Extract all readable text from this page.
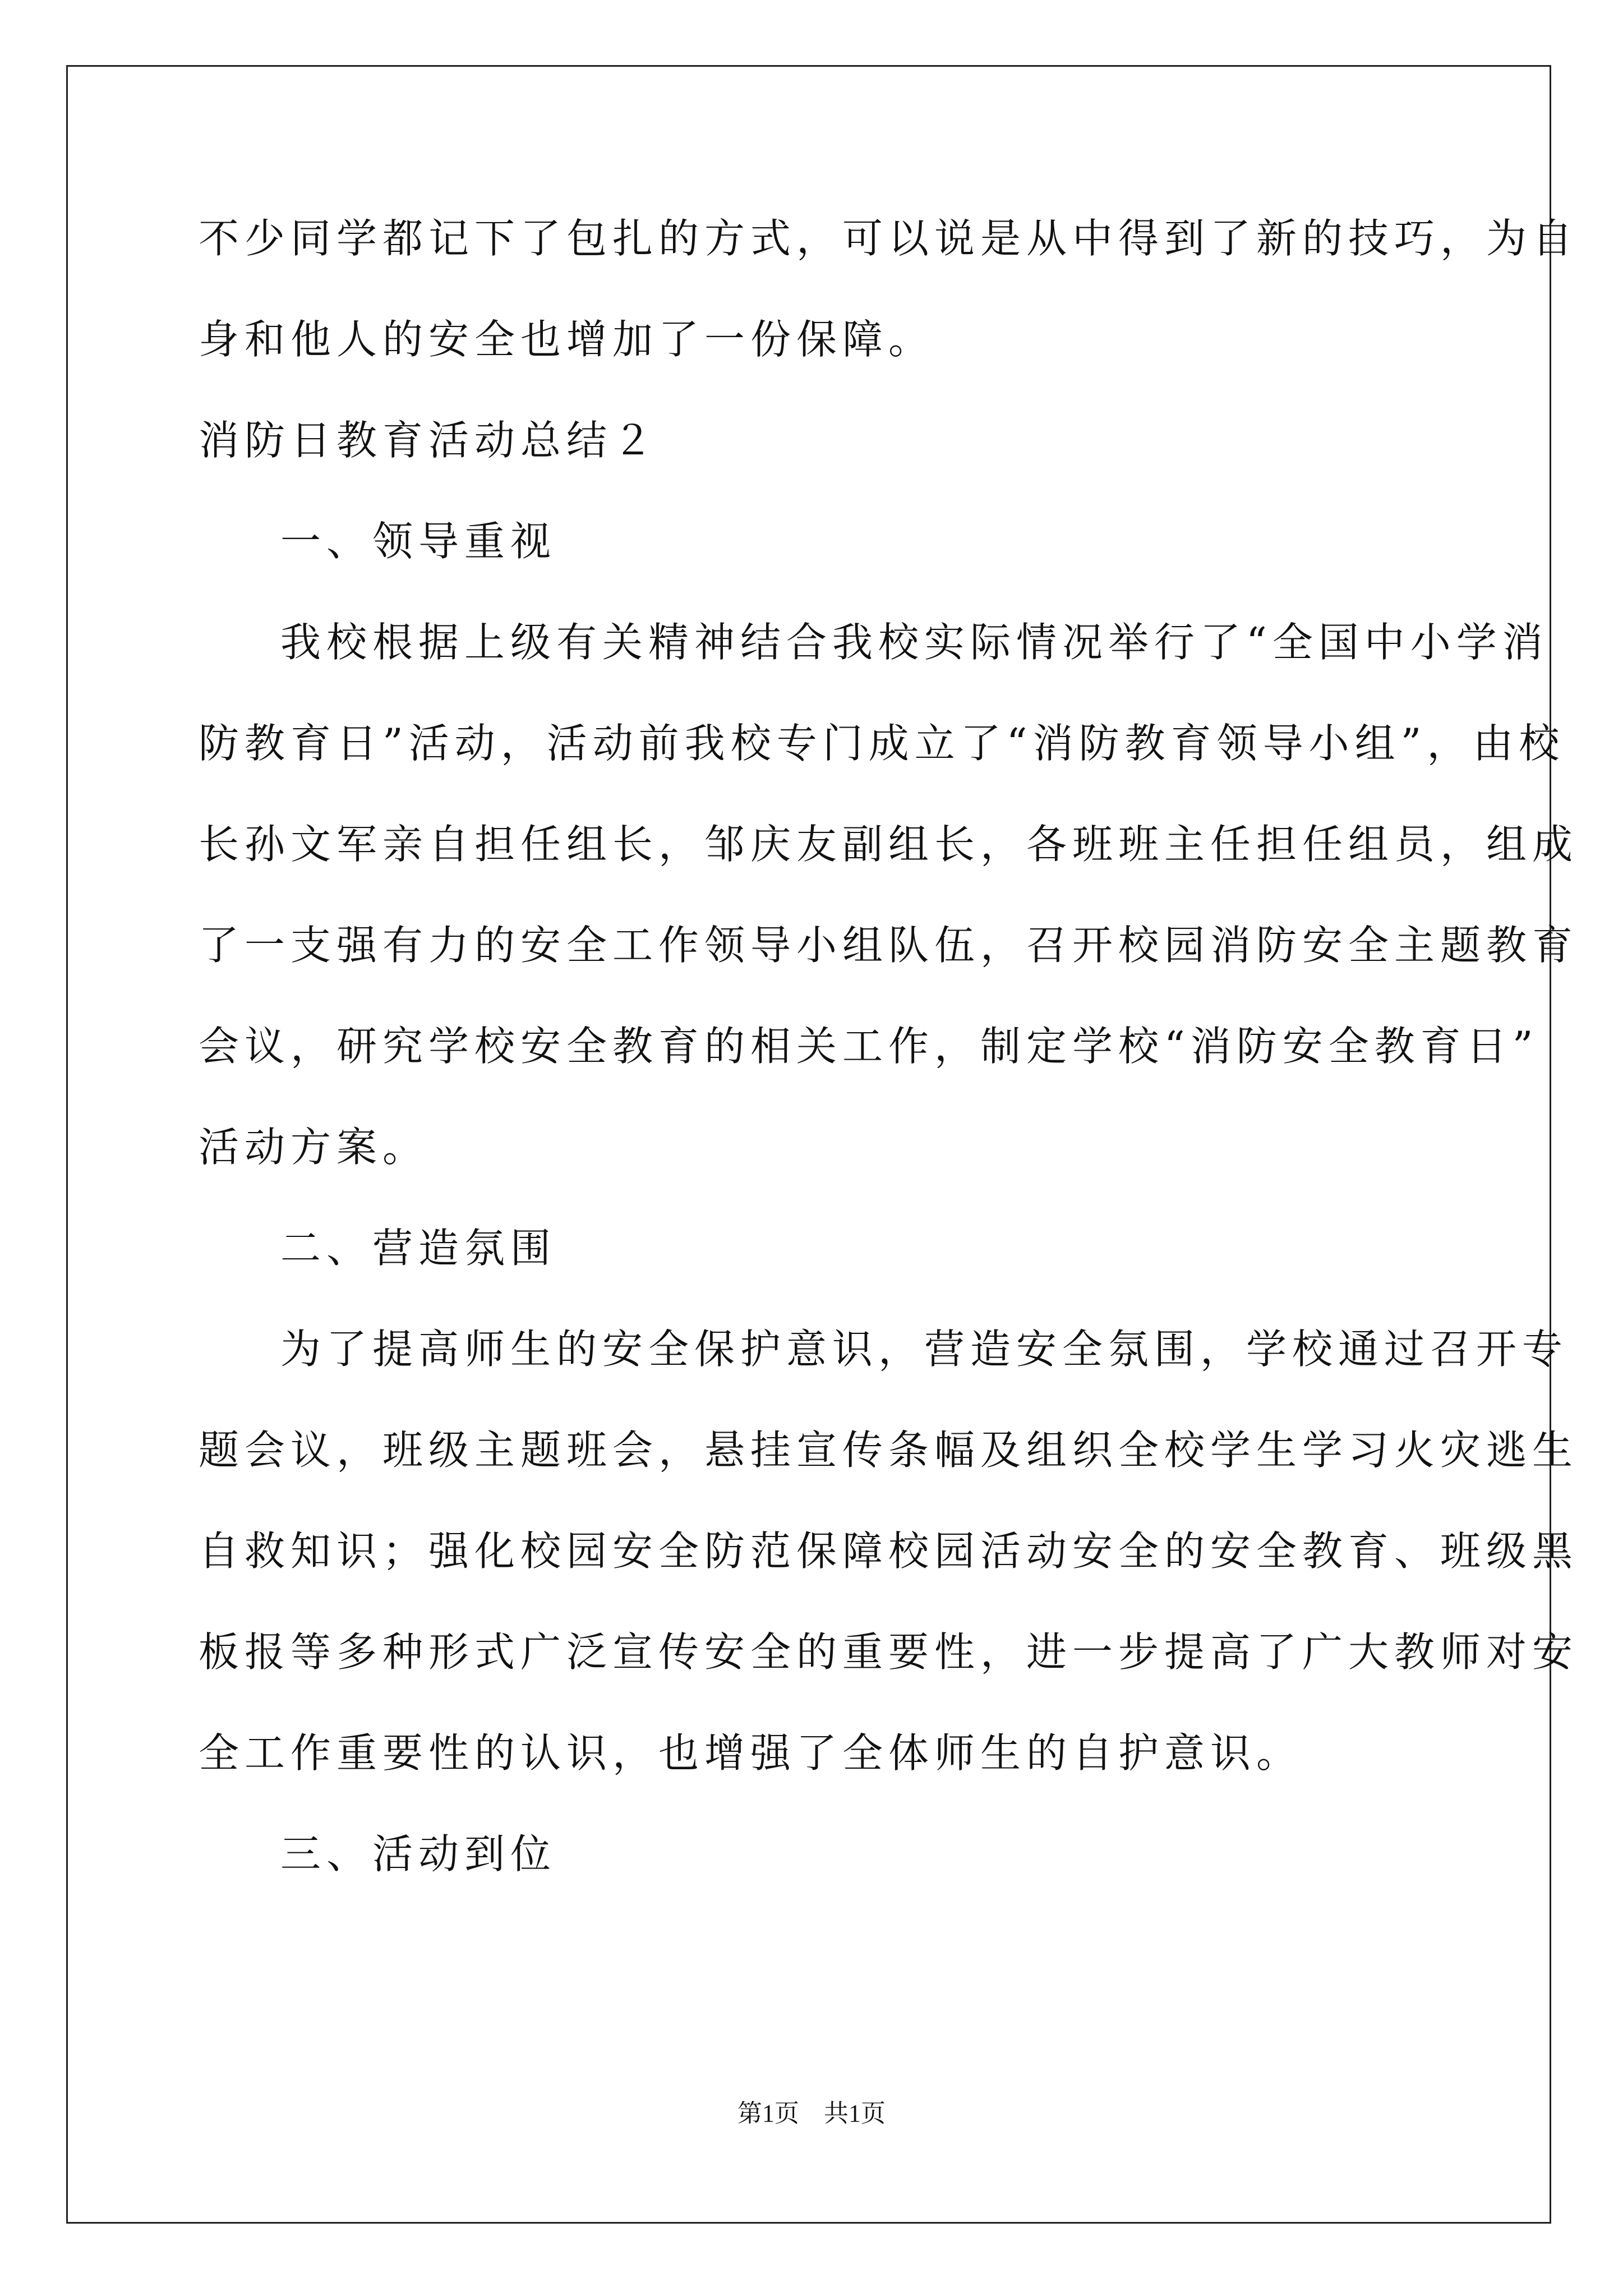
不少同学都记下了包扎的方式，可以说是从中得到了新的技巧，为自
身和他人的安全也增加了一份保障。
消防日教育活动总结２
一、领导重视
我校根据上级有关精神结合我校实际情况举行了“全国中小学消
防教育日”活动，活动前我校专门成立了“消防教育领导小组”，由校
长孙文军亲自担任组长，邹庆友副组长，各班班主任担任组员，组成
了一支强有力的安全工作领导小组队伍，召开校园消防安全主题教育
会议，研究学校安全教育的相关工作，制定学校“消防安全教育日”
活动方案。
二、营造氛围
为了提高师生的安全保护意识，营造安全氛围，学校通过召开专
题会议，班级主题班会，悬挂宣传条幅及组织全校学生学习火灾逃生
自救知识；强化校园安全防范保障校园活动安全的安全教育、班级黑
板报等多种形式广泛宣传安全的重要性，进一步提高了广大教师对安
全工作重要性的认识，也增强了全体师生的自护意识。
三、活动到位
第1页　共1页
